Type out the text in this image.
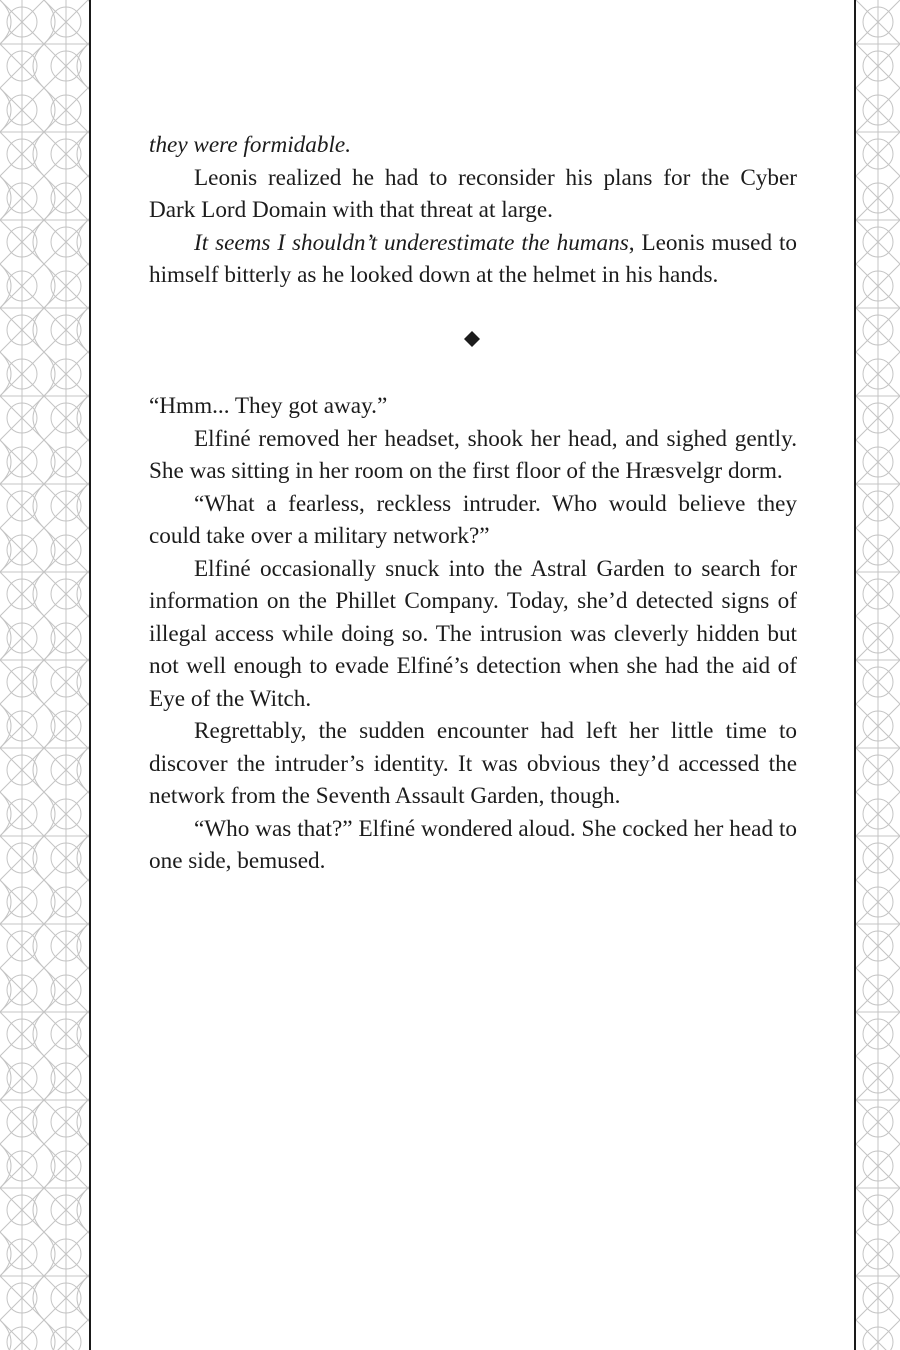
they were formidable.

Leonis realized he had to reconsider his plans for the Cyber Dark Lord Domain with that threat at large.

It seems I shouldn’t underestimate the humans, Leonis mused to himself bitterly as he looked down at the helmet in his hands.

“Hmm... They got away.”

Elfiné removed her headset, shook her head, and sighed gently. She was sitting in her room on the first floor of the Hræsvelgr dorm.

“What a fearless, reckless intruder. Who would believe they could take over a military network?”

Elfiné occasionally snuck into the Astral Garden to search for information on the Phillet Company. Today, she’d detected signs of illegal access while doing so. The intrusion was cleverly hidden but not well enough to evade Elfiné’s detection when she had the aid of Eye of the Witch.

Regrettably, the sudden encounter had left her little time to discover the intruder’s identity. It was obvious they’d accessed the network from the Seventh Assault Garden, though.

“Who was that?” Elfiné wondered aloud. She cocked her head to one side, bemused.
